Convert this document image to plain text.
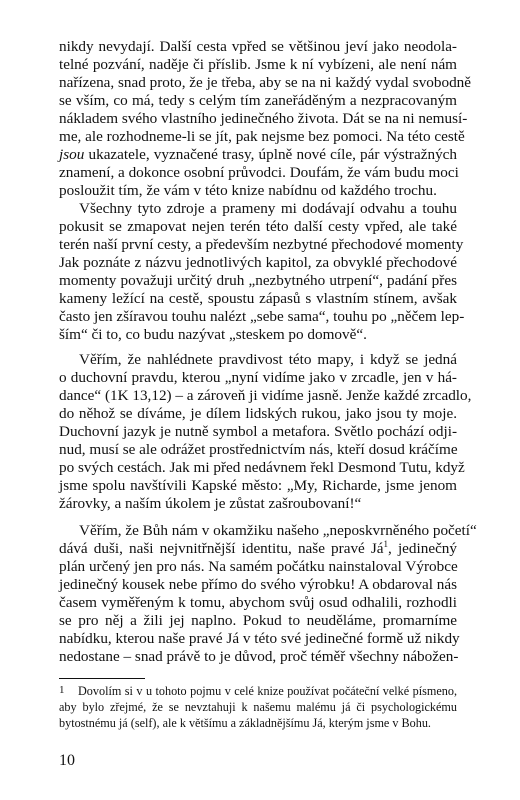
nikdy nevydají. Další cesta vpřed se většinou jeví jako neodola-
telné pozvání, naděje či příslib. Jsme k ní vybízeni, ale není nám
nařízena, snad proto, že je třeba, aby se na ni každý vydal svobodně
se vším, co má, tedy s celým tím zaneřáděným a nezpracovaným
nákladem svého vlastního jedinečného života. Dát se na ni nemusí-
me, ale rozhodneme-li se jít, pak nejsme bez pomoci. Na této cestě
jsou ukazatele, vyznačené trasy, úplně nové cíle, pár výstražných
znamení, a dokonce osobní průvodci. Doufám, že vám budu moci
posloužit tím, že vám v této knize nabídnu od každého trochu.
Všechny tyto zdroje a prameny mi dodávají odvahu a touhu
pokusit se zmapovat nejen terén této další cesty vpřed, ale také
terén naší první cesty, a především nezbytné přechodové momenty
Jak poznáte z názvu jednotlivých kapitol, za obvyklé přechodové
momenty považuji určitý druh „nezbytného utrpení“, padání přes
kameny ležící na cestě, spoustu zápasů s vlastním stínem, avšak
často jen zšíravou touhu nalézt „sebe sama“, touhu po „něčem lep-
ším“ či to, co budu nazývat „steskem po domově“.
Věřím, že nahlédnete pravdivost této mapy, i když se jedná
o duchovní pravdu, kterou „nyní vidíme jako v zrcadle, jen v há-
dance“ (1K 13,12) – a zároveň ji vidíme jasně. Jenže každé zrcadlo,
do něhož se díváme, je dílem lidských rukou, jako jsou ty moje.
Duchovní jazyk je nutně symbol a metafora. Světlo pochází odji-
nud, musí se ale odrážet prostřednictvím nás, kteří dosud kráčíme
po svých cestách. Jak mi před nedávnem řekl Desmond Tutu, když
jsme spolu navštívili Kapské město: „My, Richarde, jsme jenom
žárovky, a naším úkolem je zůstat zašroubovaní!“
Věřím, že Bůh nám v okamžiku našeho „neposkvrněného početí“
dává duši, naši nejvnitřnější identitu, naše pravé $Já^1$, jedinečný
plán určený jen pro nás. Na samém počátku nainstaloval Výrobce
jedinečný kousek nebe přímo do svého výrobku! A obdaroval nás
časem vyměřeným k tomu, abychom svůj osud odhalili, rozhodli
se pro něj a žili jej naplno. Pokud to neuděláme, promarníme
nabídku, kterou naše pravé Já v této své jedinečné formě už nikdy
nedostane – snad právě to je důvod, proč téměř všechny nábožen-
1 Dovolím si v u tohoto pojmu v celé knize používat počáteční velké písmeno,
aby bylo zřejmé, že se nevztahuji k našemu malému já či psychologickému
bytostnému já (self), ale k většímu a základnějšímu Já, kterým jsme v Bohu.
10
